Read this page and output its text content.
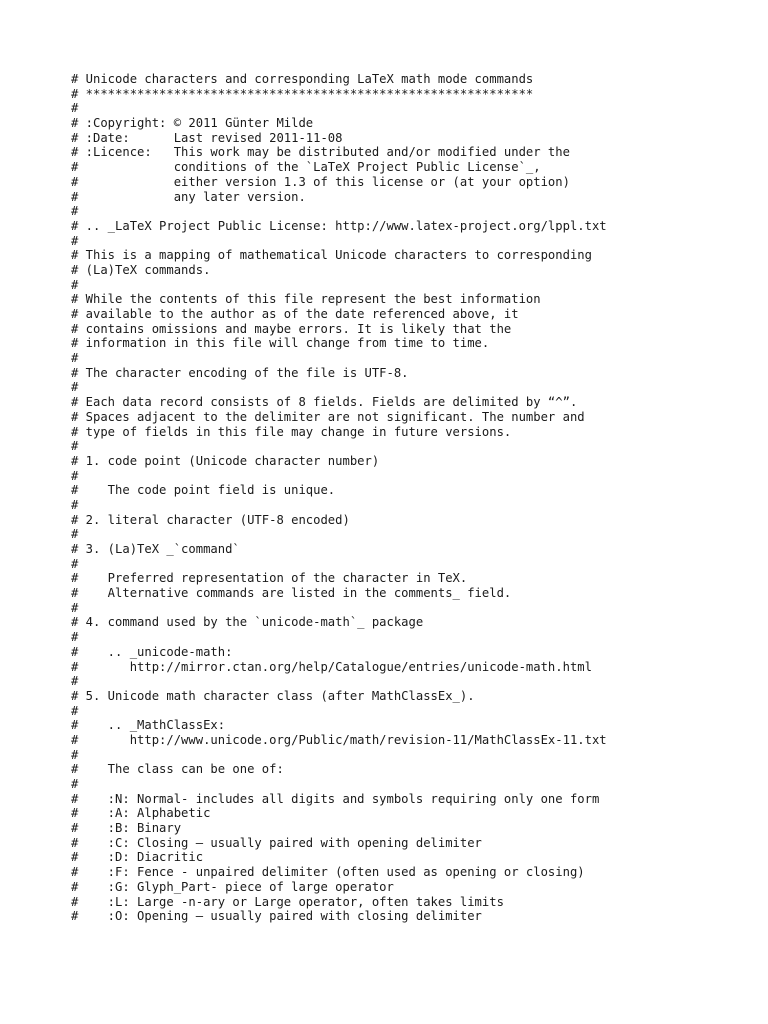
# Unicode characters and corresponding LaTeX math mode commands
# *************************************************************
#
# :Copyright: © 2011 Günter Milde
# :Date:      Last revised 2011-11-08
# :Licence:   This work may be distributed and/or modified under the
#             conditions of the `LaTeX Project Public License`_,
#             either version 1.3 of this license or (at your option)
#             any later version.
#
# .. _LaTeX Project Public License: http://www.latex-project.org/lppl.txt
#
# This is a mapping of mathematical Unicode characters to corresponding
# (La)TeX commands.
#
# While the contents of this file represent the best information
# available to the author as of the date referenced above, it
# contains omissions and maybe errors. It is likely that the
# information in this file will change from time to time.
#
# The character encoding of the file is UTF-8.
#
# Each data record consists of 8 fields. Fields are delimited by “^”.
# Spaces adjacent to the delimiter are not significant. The number and
# type of fields in this file may change in future versions.
#
# 1. code point (Unicode character number)
#
#    The code point field is unique.
#
# 2. literal character (UTF-8 encoded)
#
# 3. (La)TeX _`command`
#
#    Preferred representation of the character in TeX.
#    Alternative commands are listed in the comments_ field.
#
# 4. command used by the `unicode-math`_ package
#
#    .. _unicode-math:
#       http://mirror.ctan.org/help/Catalogue/entries/unicode-math.html
#
# 5. Unicode math character class (after MathClassEx_).
#
#    .. _MathClassEx:
#       http://www.unicode.org/Public/math/revision-11/MathClassEx-11.txt
#
#    The class can be one of:
#
#    :N: Normal- includes all digits and symbols requiring only one form
#    :A: Alphabetic
#    :B: Binary
#    :C: Closing – usually paired with opening delimiter
#    :D: Diacritic
#    :F: Fence - unpaired delimiter (often used as opening or closing)
#    :G: Glyph_Part- piece of large operator
#    :L: Large -n-ary or Large operator, often takes limits
#    :O: Opening – usually paired with closing delimiter
